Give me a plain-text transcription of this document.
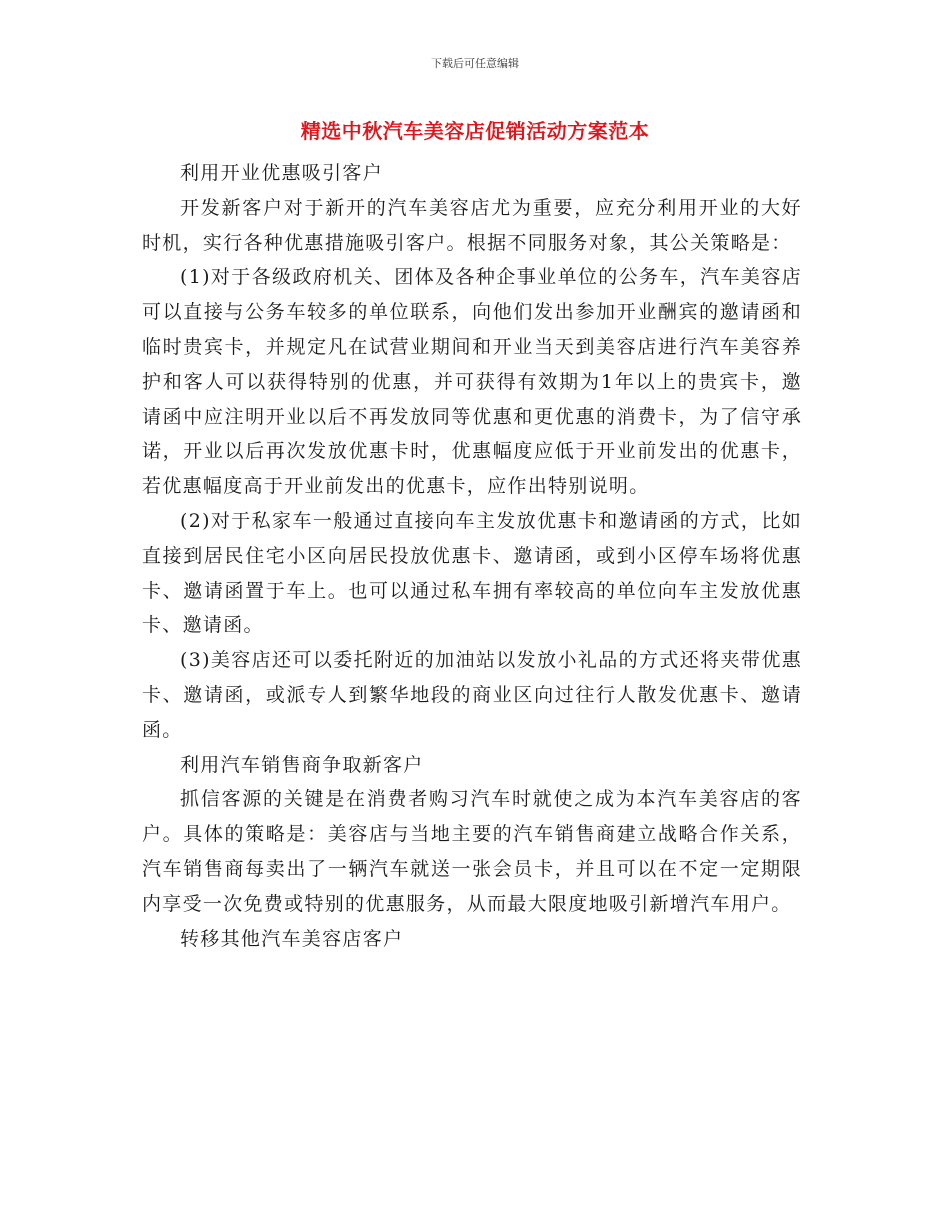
下载后可任意编辑
精选中秋汽车美容店促销活动方案范本

利用开业优惠吸引客户

开发新客户对于新开的汽车美容店尤为重要，应充分利用开业的大好时机，实行各种优惠措施吸引客户。根据不同服务对象，其公关策略是：

(1)对于各级政府机关、团体及各种企事业单位的公务车，汽车美容店可以直接与公务车较多的单位联系，向他们发出参加开业酬宾的邀请函和临时贵宾卡，并规定凡在试营业期间和开业当天到美容店进行汽车美容养护和客人可以获得特别的优惠，并可获得有效期为1年以上的贵宾卡，邀请函中应注明开业以后不再发放同等优惠和更优惠的消费卡，为了信守承诺，开业以后再次发放优惠卡时，优惠幅度应低于开业前发出的优惠卡，若优惠幅度高于开业前发出的优惠卡，应作出特别说明。

(2)对于私家车一般通过直接向车主发放优惠卡和邀请函的方式，比如直接到居民住宅小区向居民投放优惠卡、邀请函，或到小区停车场将优惠卡、邀请函置于车上。也可以通过私车拥有率较高的单位向车主发放优惠卡、邀请函。

(3)美容店还可以委托附近的加油站以发放小礼品的方式还将夹带优惠卡、邀请函，或派专人到繁华地段的商业区向过往行人散发优惠卡、邀请函。

利用汽车销售商争取新客户

抓信客源的关键是在消费者购习汽车时就使之成为本汽车美容店的客户。具体的策略是：美容店与当地主要的汽车销售商建立战略合作关系，汽车销售商每卖出了一辆汽车就送一张会员卡，并且可以在不定一定期限内享受一次免费或特别的优惠服务，从而最大限度地吸引新增汽车用户。

转移其他汽车美容店客户
